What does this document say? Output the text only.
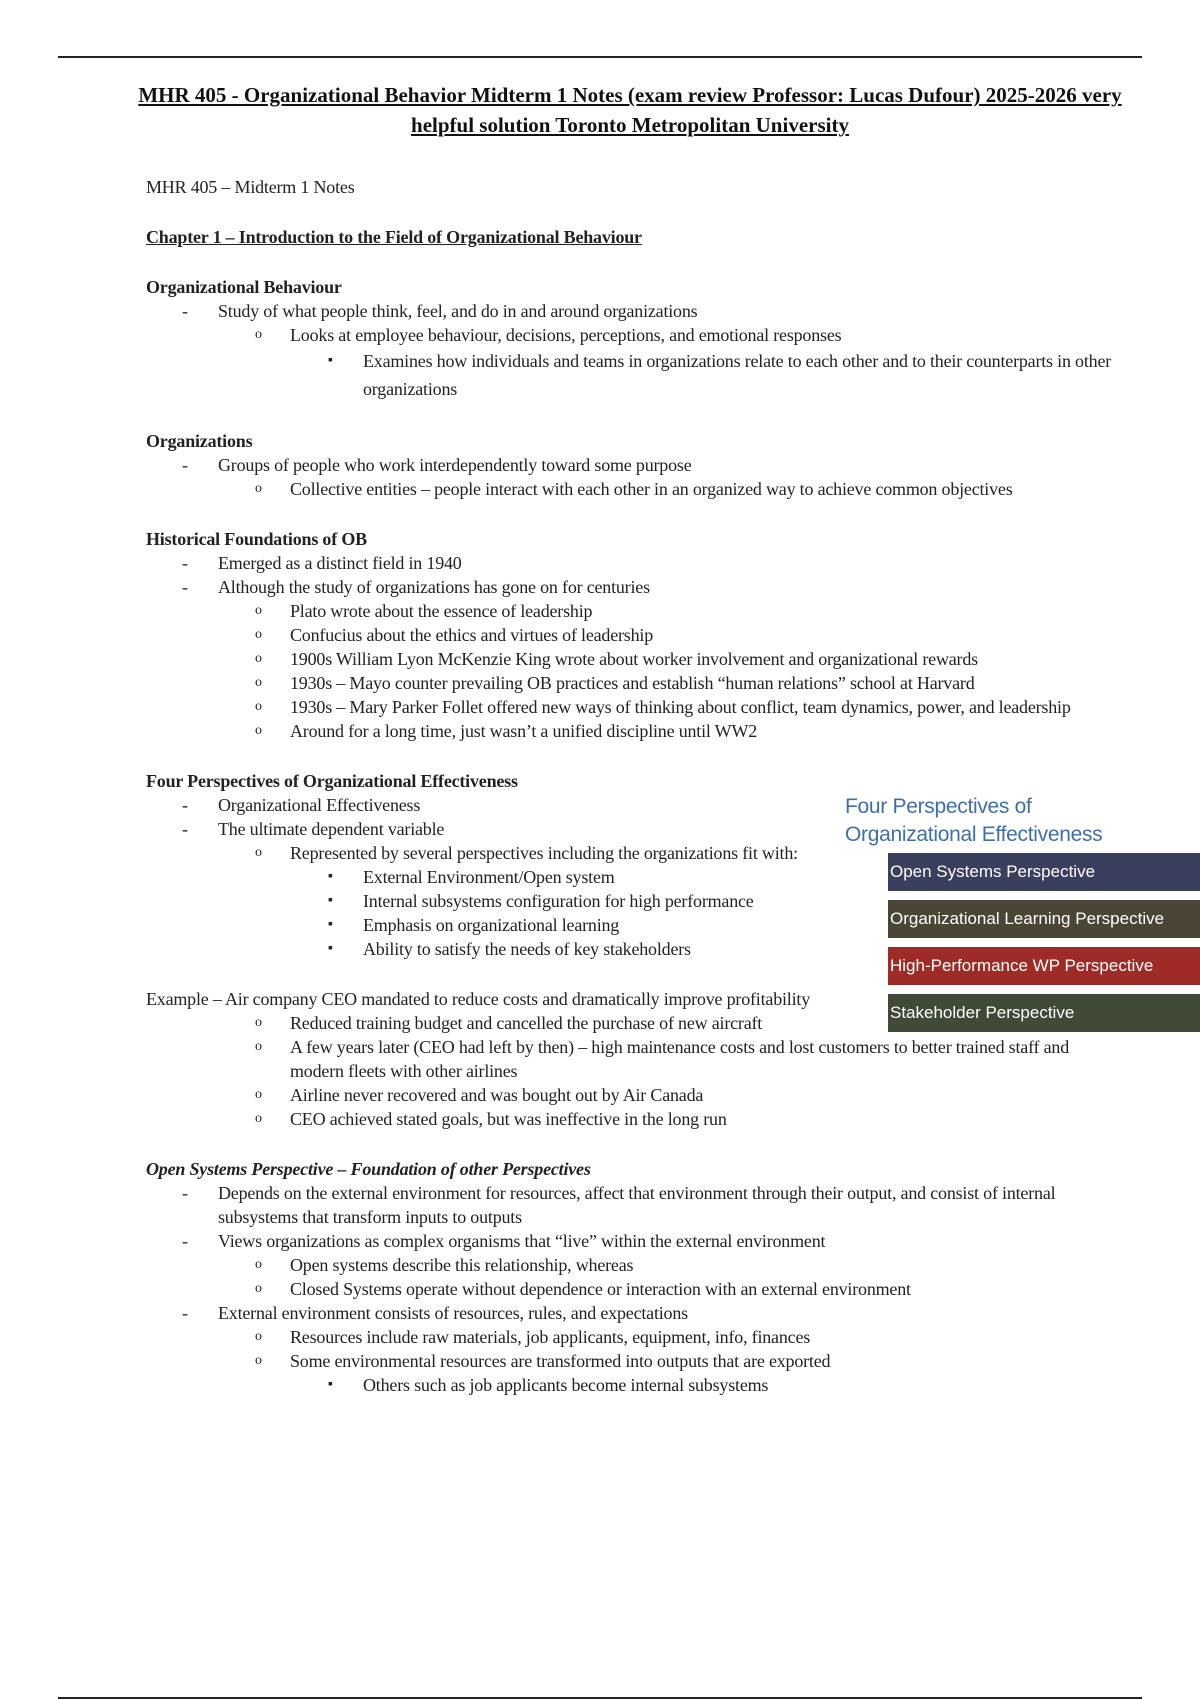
MHR 405 - Organizational Behavior Midterm 1 Notes (exam review Professor: Lucas Dufour) 2025-2026 very
helpful solution Toronto Metropolitan University

MHR 405 – Midterm 1 Notes

Chapter 1 – Introduction to the Field of Organizational Behaviour

Organizational Behaviour

- Study of what people think, feel, and do in and around organizations
o Looks at employee behaviour, decisions, perceptions, and emotional responses
▪ Examines how individuals and teams in organizations relate to each other and to their counterparts in other organizations

Organizations

- Groups of people who work interdependently toward some purpose
o Collective entities – people interact with each other in an organized way to achieve common objectives

Historical Foundations of OB

- Emerged as a distinct field in 1940
- Although the study of organizations has gone on for centuries
o Plato wrote about the essence of leadership
o Confucius about the ethics and virtues of leadership
o 1900s William Lyon McKenzie King wrote about worker involvement and organizational rewards
o 1930s – Mayo counter prevailing OB practices and establish “human relations” school at Harvard
o 1930s – Mary Parker Follet offered new ways of thinking about conflict, team dynamics, power, and leadership
o Around for a long time, just wasn’t a unified discipline until WW2

Four Perspectives of Organizational Effectiveness

- Organizational Effectiveness
- The ultimate dependent variable
o Represented by several perspectives including the organizations fit with:
▪ External Environment/Open system
▪ Internal subsystems configuration for high performance
▪ Emphasis on organizational learning
▪ Ability to satisfy the needs of key stakeholders

Example – Air company CEO mandated to reduce costs and dramatically improve profitability

o Reduced training budget and cancelled the purchase of new aircraft
o A few years later (CEO had left by then) – high maintenance costs and lost customers to better trained staff and modern fleets with other airlines
o Airline never recovered and was bought out by Air Canada
o CEO achieved stated goals, but was ineffective in the long run

Open Systems Perspective – Foundation of other Perspectives

- Depends on the external environment for resources, affect that environment through their output, and consist of internal subsystems that transform inputs to outputs
- Views organizations as complex organisms that “live” within the external environment
o Open systems describe this relationship, whereas
o Closed Systems operate without dependence or interaction with an external environment
- External environment consists of resources, rules, and expectations
o Resources include raw materials, job applicants, equipment, info, finances
o Some environmental resources are transformed into outputs that are exported
▪ Others such as job applicants become internal subsystems

Four Perspectives of

Organizational Effectiveness

Open Systems Perspective
Organizational Learning Perspective
High-Performance WP Perspective
Stakeholder Perspective
